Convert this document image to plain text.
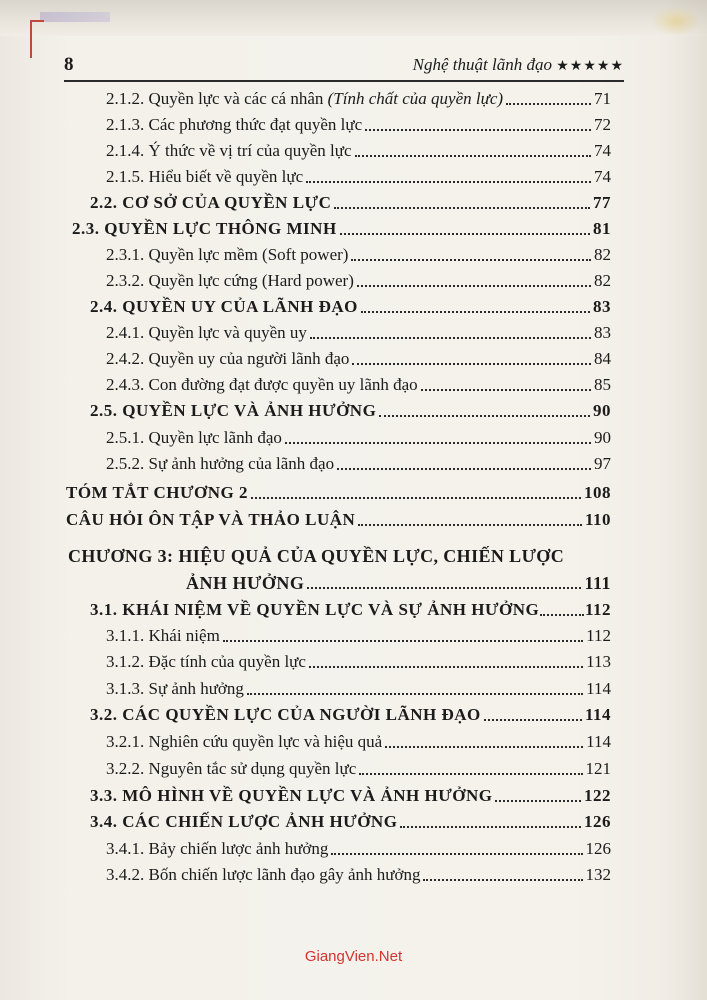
8	Nghệ thuật lãnh đạo ★★★★★
2.1.2. Quyền lực và các cá nhân (Tính chất của quyền lực)	71
2.1.3. Các phương thức đạt quyền lực	72
2.1.4. Ý thức về vị trí của quyền lực	74
2.1.5. Hiểu biết về quyền lực	74
2.2. CƠ SỞ CỦA QUYỀN LỰC	77
2.3. QUYỀN LỰC THÔNG MINH	81
2.3.1. Quyền lực mềm (Soft power)	82
2.3.2. Quyền lực cứng (Hard power)	82
2.4. QUYỀN UY CỦA LÃNH ĐẠO	83
2.4.1. Quyền lực và quyền uy	83
2.4.2. Quyền uy của người lãnh đạo	84
2.4.3. Con đường đạt được quyền uy lãnh đạo	85
2.5. QUYỀN LỰC VÀ ẢNH HƯỞNG	90
2.5.1. Quyền lực lãnh đạo	90
2.5.2. Sự ảnh hưởng của lãnh đạo	97
TÓM TẮT CHƯƠNG 2	108
CÂU HỎI ÔN TẬP VÀ THẢO LUẬN	110
CHƯƠNG 3: HIỆU QUẢ CỦA QUYỀN LỰC, CHIẾN LƯỢC
ẢNH HƯỞNG	111
3.1. KHÁI NIỆM VỀ QUYỀN LỰC VÀ SỰ ẢNH HƯỞNG	112
3.1.1. Khái niệm	112
3.1.2. Đặc tính của quyền lực	113
3.1.3. Sự ảnh hưởng	114
3.2. CÁC QUYỀN LỰC CỦA NGƯỜI LÃNH ĐẠO	114
3.2.1. Nghiên cứu quyền lực và hiệu quả	114
3.2.2. Nguyên tắc sử dụng quyền lực	121
3.3. MÔ HÌNH VỀ QUYỀN LỰC VÀ ẢNH HƯỞNG	122
3.4. CÁC CHIẾN LƯỢC ẢNH HƯỞNG	126
3.4.1. Bảy chiến lược ảnh hưởng	126
3.4.2. Bốn chiến lược lãnh đạo gây ảnh hưởng	132
GiangVien.Net
